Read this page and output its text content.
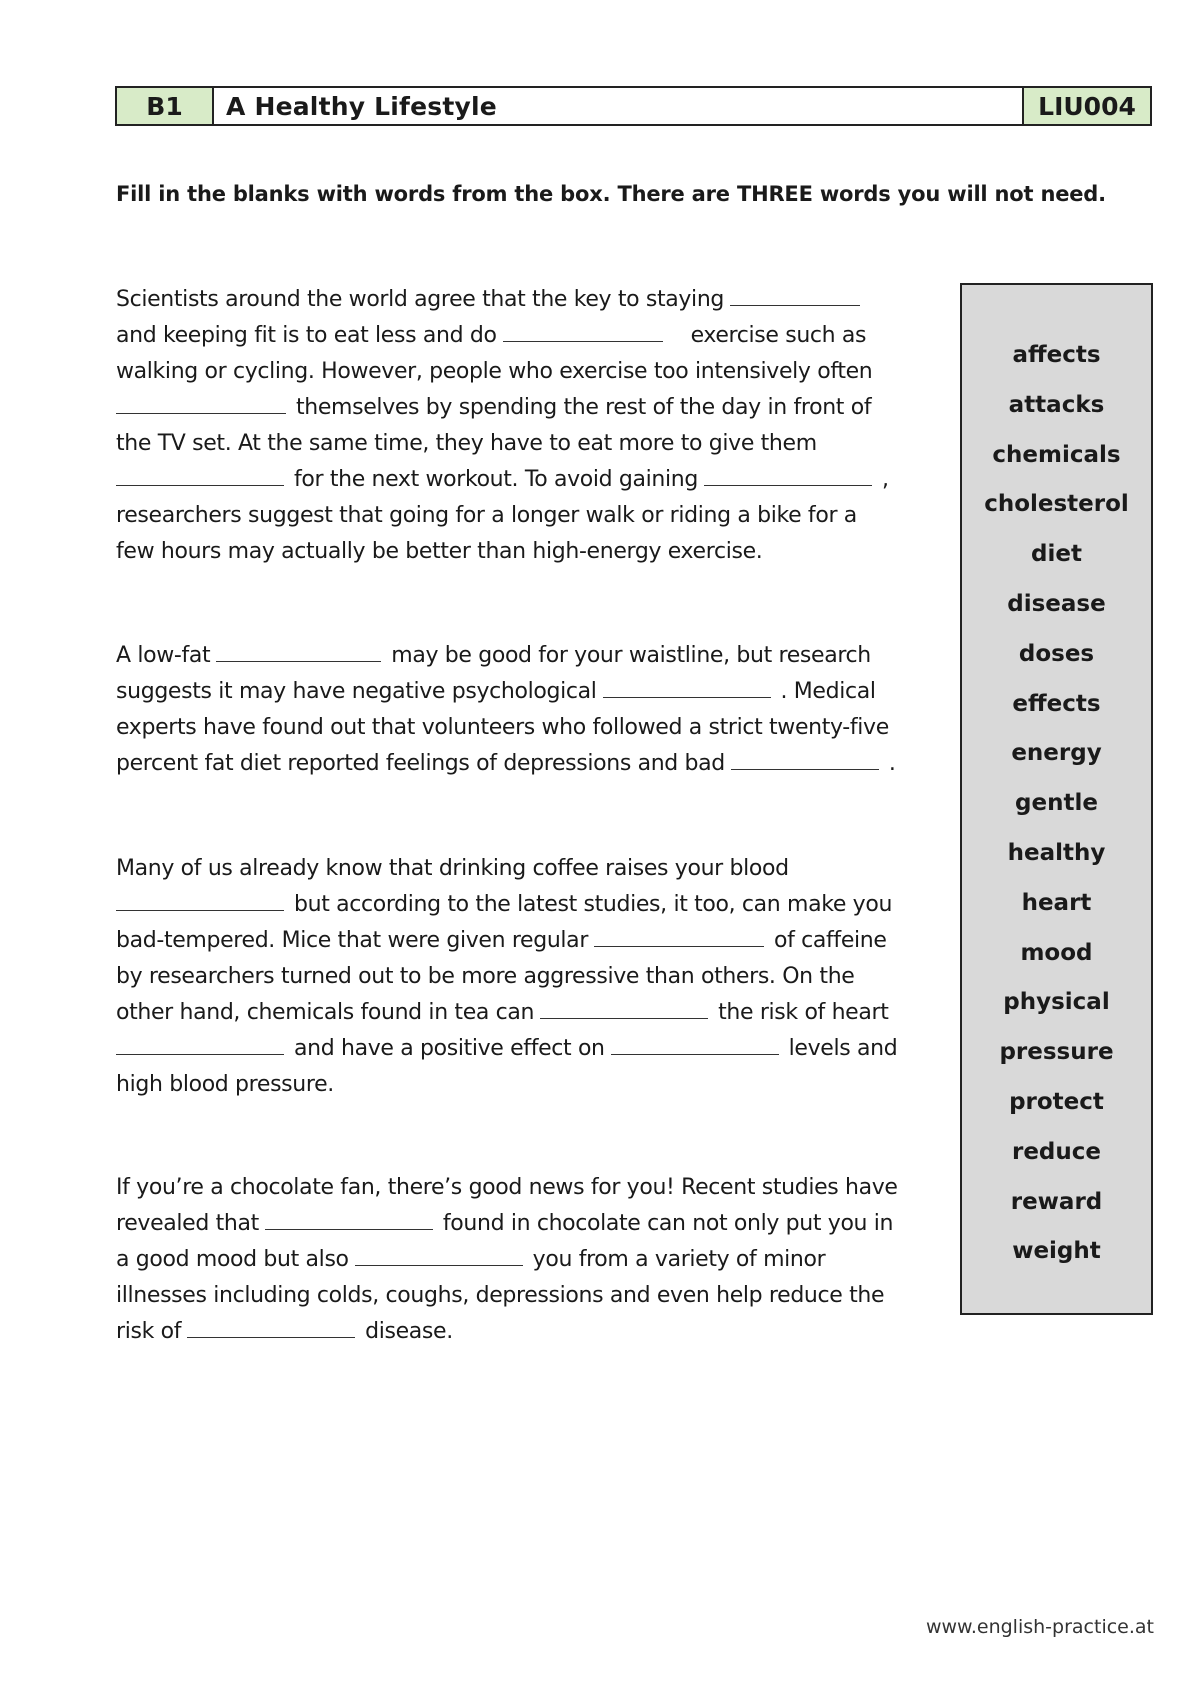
B1	A Healthy Lifestyle	LIU004
Fill in the blanks with words from the box. There are THREE words you will not need.
Scientists around the world agree that the key to staying
and keeping fit is to eat less and do	exercise such as
walking or cycling. However, people who exercise too intensively often
themselves by spending the rest of the day in front of
the TV set. At the same time, they have to eat more to give them
for the next workout. To avoid gaining	,
researchers suggest that going for a longer walk or riding a bike for a
few hours may actually be better than high-energy exercise.
A low-fat	may be good for your waistline, but research
suggests it may have negative psychological	. Medical
experts have found out that volunteers who followed a strict twenty-five
percent fat diet reported feelings of depressions and bad	.
Many of us already know that drinking coffee raises your blood
but according to the latest studies, it too, can make you
bad-tempered. Mice that were given regular	of caffeine
by researchers turned out to be more aggressive than others. On the
other hand, chemicals found in tea can	the risk of heart
and have a positive effect on	levels and
high blood pressure.
If you’re a chocolate fan, there’s good news for you! Recent studies have
revealed that	found in chocolate can not only put you in
a good mood but also	you from a variety of minor
illnesses including colds, coughs, depressions and even help reduce the
risk of	disease.
affects
attacks
chemicals
cholesterol
diet
disease
doses
effects
energy
gentle
healthy
heart
mood
physical
pressure
protect
reduce
reward
weight
www.english-practice.at
